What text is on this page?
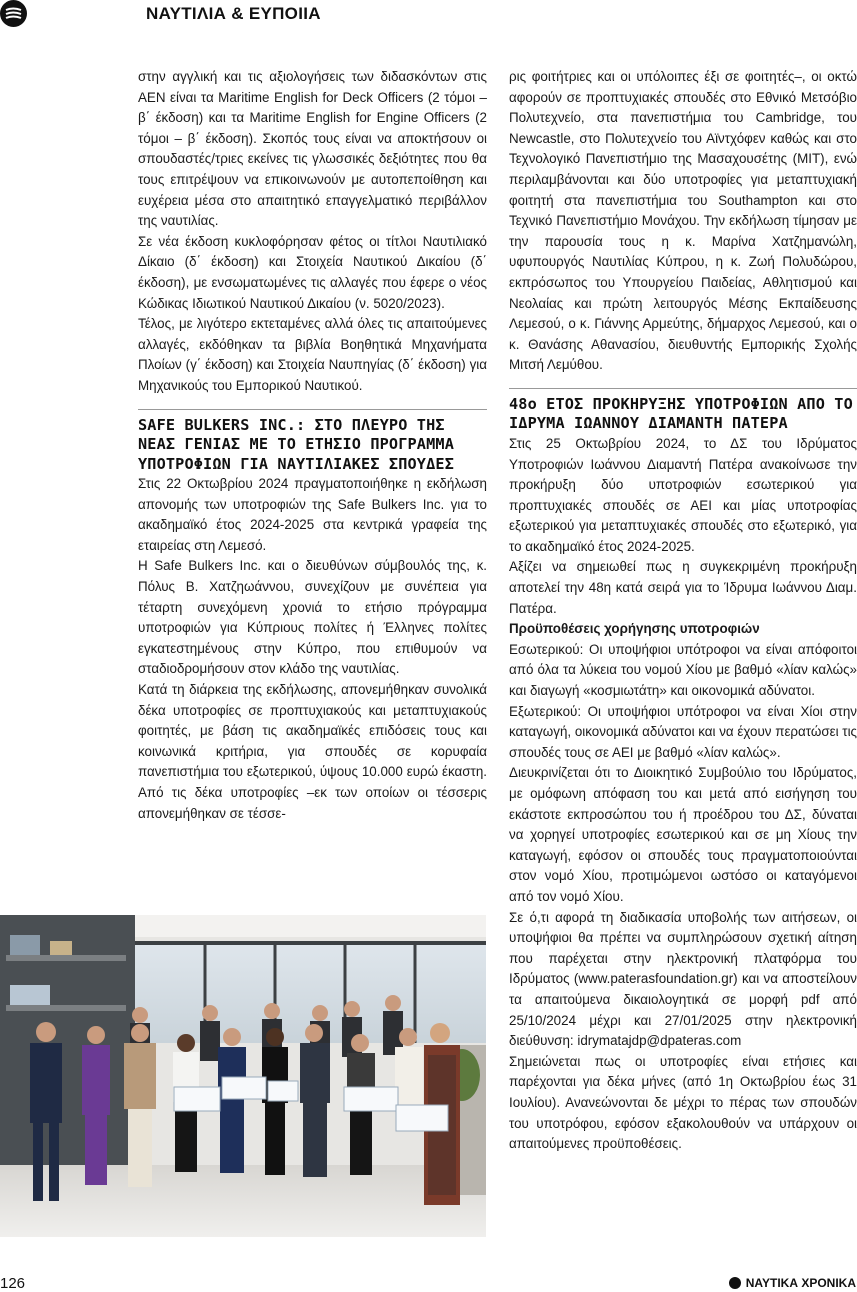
ΝΑΥΤΙΛΙΑ & ΕΥΠΟΙΙΑ

στην αγγλική και τις αξιολογήσεις των διδασκόντων στις ΑΕΝ είναι τα Maritime English for Deck Officers (2 τόμοι – β΄ έκδοση) και τα Maritime English for Engine Officers (2 τόμοι – β΄ έκδοση). Σκοπός τους είναι να αποκτήσουν οι σπουδαστές/τριες εκείνες τις γλωσσικές δεξιότητες που θα τους επιτρέψουν να επικοινωνούν με αυτοπεποίθηση και ευχέρεια μέσα στο απαιτητικό επαγγελματικό περιβάλλον της ναυτιλίας.

Σε νέα έκδοση κυκλοφόρησαν φέτος οι τίτλοι Ναυτιλιακό Δίκαιο (δ΄ έκδοση) και Στοιχεία Ναυτικού Δικαίου (δ΄ έκδοση), με ενσωματωμένες τις αλλαγές που έφερε ο νέος Κώδικας Ιδιωτικού Ναυτικού Δικαίου (ν. 5020/2023).

Τέλος, με λιγότερο εκτεταμένες αλλά όλες τις απαιτούμενες αλλαγές, εκδόθηκαν τα βιβλία Βοηθητικά Μηχανήματα Πλοίων (γ΄ έκδοση) και Στοιχεία Ναυπηγίας (δ΄ έκδοση) για Μηχανικούς του Εμπορικού Ναυτικού.

SAFE BULKERS INC.: ΣΤΟ ΠΛΕΥΡΟ ΤΗΣ ΝΕΑΣ ΓΕΝΙΑΣ ΜΕ ΤΟ ΕΤΗΣΙΟ ΠΡΟΓΡΑΜΜΑ ΥΠΟΤΡΟΦΙΩΝ ΓΙΑ ΝΑΥΤΙΛΙΑΚΕΣ ΣΠΟΥΔΕΣ

Στις 22 Οκτωβρίου 2024 πραγματοποιήθηκε η εκδήλωση απονομής των υποτροφιών της Safe Bulkers Inc. για το ακαδημαϊκό έτος 2024-2025 στα κεντρικά γραφεία της εταιρείας στη Λεμεσό.

Η Safe Bulkers Inc. και ο διευθύνων σύμβουλός της, κ. Πόλυς Β. Χατζηωάννου, συνεχίζουν με συνέπεια για τέταρτη συνεχόμενη χρονιά το ετήσιο πρόγραμμα υποτροφιών για Κύπριους πολίτες ή Έλληνες πολίτες εγκατεστημένους στην Κύπρο, που επιθυμούν να σταδιοδρομήσουν στον κλάδο της ναυτιλίας.

Κατά τη διάρκεια της εκδήλωσης, απονεμήθηκαν συνολικά δέκα υποτροφίες σε προπτυχιακούς και μεταπτυχιακούς φοιτητές, με βάση τις ακαδημαϊκές επιδόσεις τους και κοινωνικά κριτήρια, για σπουδές σε κορυφαία πανεπιστήμια του εξωτερικού, ύψους 10.000 ευρώ έκαστη. Από τις δέκα υποτροφίες –εκ των οποίων οι τέσσερις απονεμήθηκαν σε τέσσε-

ρις φοιτήτριες και οι υπόλοιπες έξι σε φοιτητές–, οι οκτώ αφορούν σε προπτυχιακές σπουδές στο Εθνικό Μετσόβιο Πολυτεχνείο, στα πανεπιστήμια του Cambridge, του Newcastle, στο Πολυτεχνείο του Αϊντχόφεν καθώς και στο Τεχνολογικό Πανεπιστήμιο της Μασαχουσέτης (MIT), ενώ περιλαμβάνονται και δύο υποτροφίες για μεταπτυχιακή φοιτητή στα πανεπιστήμια του Southampton και στο Τεχνικό Πανεπιστήμιο Μονάχου. Την εκδήλωση τίμησαν με την παρουσία τους η κ. Μαρίνα Χατζημανώλη, υφυπουργός Ναυτιλίας Κύπρου, η κ. Ζωή Πολυδώρου, εκπρόσωπος του Υπουργείου Παιδείας, Αθλητισμού και Νεολαίας και πρώτη λειτουργός Μέσης Εκπαίδευσης Λεμεσού, ο κ. Γιάννης Αρμεύτης, δήμαρχος Λεμεσού, και ο κ. Θανάσης Αθανασίου, διευθυντής Εμπορικής Σχολής Μιτσή Λεμύθου.

48ο ΕΤΟΣ ΠΡΟΚΗΡΥΞΗΣ ΥΠΟΤΡΟΦΙΩΝ ΑΠΟ ΤΟ ΙΔΡΥΜΑ ΙΩΑΝΝΟΥ ΔΙΑΜΑΝΤΗ ΠΑΤΕΡΑ

Στις 25 Οκτωβρίου 2024, το ΔΣ του Ιδρύματος Υποτροφιών Ιωάννου Διαμαντή Πατέρα ανακοίνωσε την προκήρυξη δύο υποτροφιών εσωτερικού για προπτυχιακές σπουδές σε ΑΕΙ και μίας υποτροφίας εξωτερικού για μεταπτυχιακές σπουδές στο εξωτερικό, για το ακαδημαϊκό έτος 2024-2025.

Αξίζει να σημειωθεί πως η συγκεκριμένη προκήρυξη αποτελεί την 48η κατά σειρά για το Ίδρυμα Ιωάννου Διαμ. Πατέρα.

Προϋποθέσεις χορήγησης υποτροφιών

Εσωτερικού: Οι υποψήφιοι υπότροφοι να είναι απόφοιτοι από όλα τα λύκεια του νομού Χίου με βαθμό «λίαν καλώς» και διαγωγή «κοσμιωτάτη» και οικονομικά αδύνατοι.

Εξωτερικού: Οι υποψήφιοι υπότροφοι να είναι Χίοι στην καταγωγή, οικονομικά αδύνατοι και να έχουν περατώσει τις σπουδές τους σε ΑΕΙ με βαθμό «λίαν καλώς».

Διευκρινίζεται ότι το Διοικητικό Συμβούλιο του Ιδρύματος, με ομόφωνη απόφαση του και μετά από εισήγηση του εκάστοτε εκπροσώπου του ή προέδρου του ΔΣ, δύναται να χορηγεί υποτροφίες εσωτερικού και σε μη Χίους την καταγωγή, εφόσον οι σπουδές τους πραγματοποιούνται στον νομό Χίου, προτιμώμενοι ωστόσο οι καταγόμενοι από τον νομό Χίου.

Σε ό,τι αφορά τη διαδικασία υποβολής των αιτήσεων, οι υποψήφιοι θα πρέπει να συμπληρώσουν σχετική αίτηση που παρέχεται στην ηλεκτρονική πλατφόρμα του Ιδρύματος (www.paterasfoundation.gr) και να αποστείλουν τα απαιτούμενα δικαιολογητικά σε μορφή pdf από 25/10/2024 μέχρι και 27/01/2025 στην ηλεκτρονική διεύθυνση: idrymatajdp@dpateras.com

Σημειώνεται πως οι υποτροφίες είναι ετήσιες και παρέχονται για δέκα μήνες (από 1η Οκτωβρίου έως 31 Ιουλίου). Ανανεώνονται δε μέχρι το πέρας των σπουδών του υποτρόφου, εφόσον εξακολουθούν να υπάρχουν οι απαιτούμενες προϋποθέσεις.

126	ΝΑΥΤΙΚΑ ΧΡΟΝΙΚΑ
